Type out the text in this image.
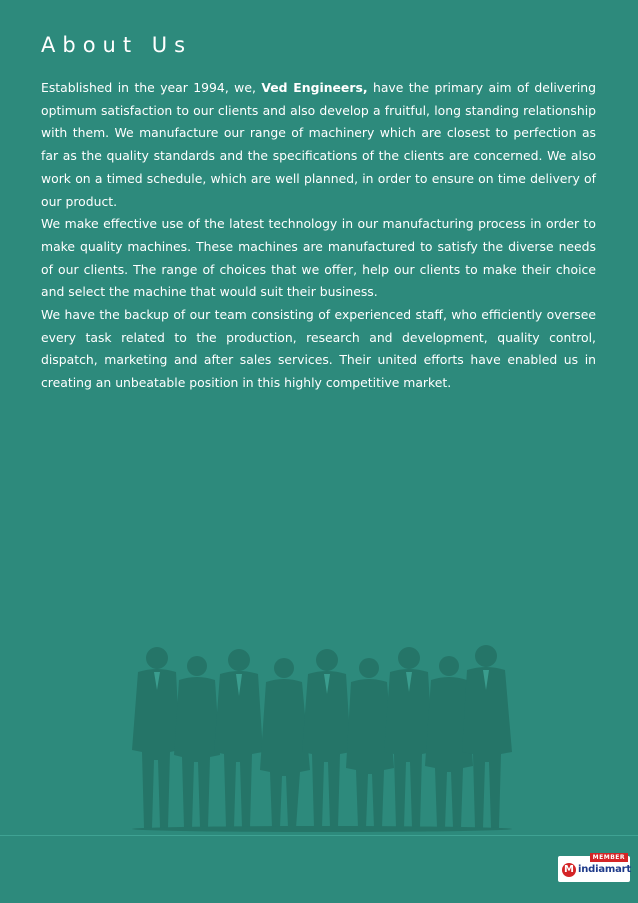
About Us

Established in the year 1994, we, Ved Engineers, have the primary aim of delivering optimum satisfaction to our clients and also develop a fruitful, long standing relationship with them. We manufacture our range of machinery which are closest to perfection as far as the quality standards and the specifications of the clients are concerned. We also work on a timed schedule, which are well planned, in order to ensure on time delivery of our product.

We make effective use of the latest technology in our manufacturing process in order to make quality machines. These machines are manufactured to satisfy the diverse needs of our clients. The range of choices that we offer, help our clients to make their choice and select the machine that would suit their business.

We have the backup of our team consisting of experienced staff, who efficiently oversee every task related to the production, research and development, quality control, dispatch, marketing and after sales services. Their united efforts have enabled us in creating an unbeatable position in this highly competitive market.

MEMBER
M indiamart
